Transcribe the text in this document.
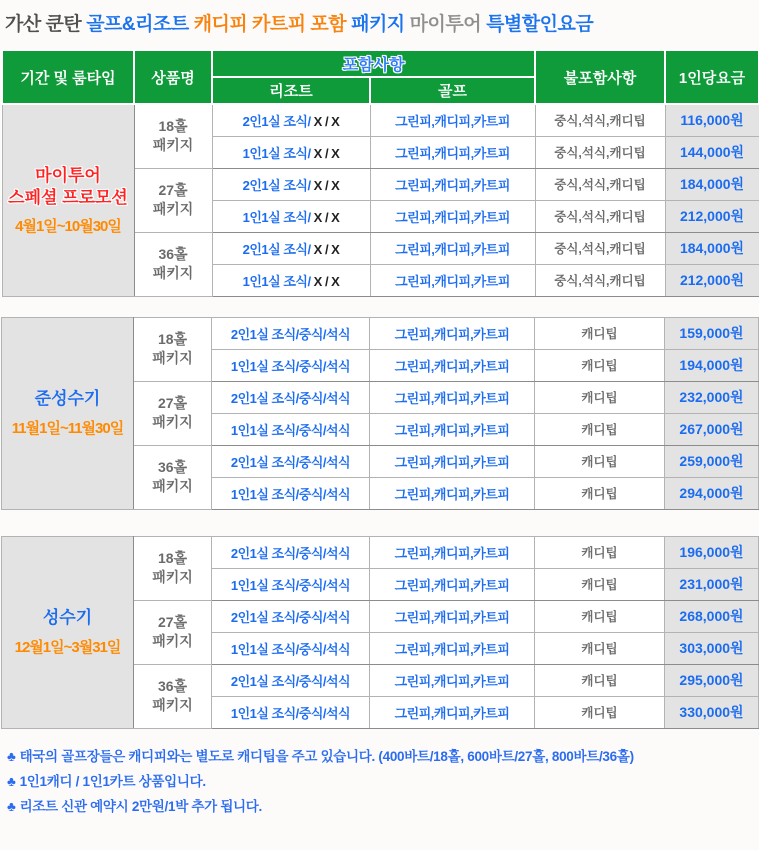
가산 쿤탄 골프&리조트 캐디피 카트피 포함 패키지 마이투어 특별할인요금
기간 및 룸타입	상품명	포함사항		불포함사항	1인당요금
		리조트	골프		

마이투어
스페셜 프로모션
4월1일~10월30일
	18홀
패키지	2인1실 조식/ X / X	그린피,캐디피,카트피	중식,석식,캐디팁	116,000원
		1인1실 조식/ X / X	그린피,캐디피,카트피	중식,석식,캐디팁	144,000원
	27홀
패키지	2인1실 조식/ X / X	그린피,캐디피,카트피	중식,석식,캐디팁	184,000원
		1인1실 조식/ X / X	그린피,캐디피,카트피	중식,석식,캐디팁	212,000원
	36홀
패키지	2인1실 조식/ X / X	그린피,캐디피,카트피	중식,석식,캐디팁	184,000원
		1인1실 조식/ X / X	그린피,캐디피,카트피	중식,석식,캐디팁	212,000원
준성수기
11월1일~11월30일
	18홀
패키지	2인1실 조식/중식/석식	그린피,캐디피,카트피	캐디팁	159,000원
		1인1실 조식/중식/석식	그린피,캐디피,카트피	캐디팁	194,000원
	27홀
패키지	2인1실 조식/중식/석식	그린피,캐디피,카트피	캐디팁	232,000원
		1인1실 조식/중식/석식	그린피,캐디피,카트피	캐디팁	267,000원
	36홀
패키지	2인1실 조식/중식/석식	그린피,캐디피,카트피	캐디팁	259,000원
		1인1실 조식/중식/석식	그린피,캐디피,카트피	캐디팁	294,000원
성수기
12월1일~3월31일
	18홀
패키지	2인1실 조식/중식/석식	그린피,캐디피,카트피	캐디팁	196,000원
		1인1실 조식/중식/석식	그린피,캐디피,카트피	캐디팁	231,000원
	27홀
패키지	2인1실 조식/중식/석식	그린피,캐디피,카트피	캐디팁	268,000원
		1인1실 조식/중식/석식	그린피,캐디피,카트피	캐디팁	303,000원
	36홀
패키지	2인1실 조식/중식/석식	그린피,캐디피,카트피	캐디팁	295,000원
		1인1실 조식/중식/석식	그린피,캐디피,카트피	캐디팁	330,000원
♣ 태국의 골프장들은 캐디피와는 별도로 캐디팁을 주고 있습니다. (400바트/18홀, 600바트/27홀, 800바트/36홀)
♣ 1인1캐디 / 1인1카트 상품입니다.
♣ 리조트 신관 예약시 2만원/1박 추가 됩니다.
